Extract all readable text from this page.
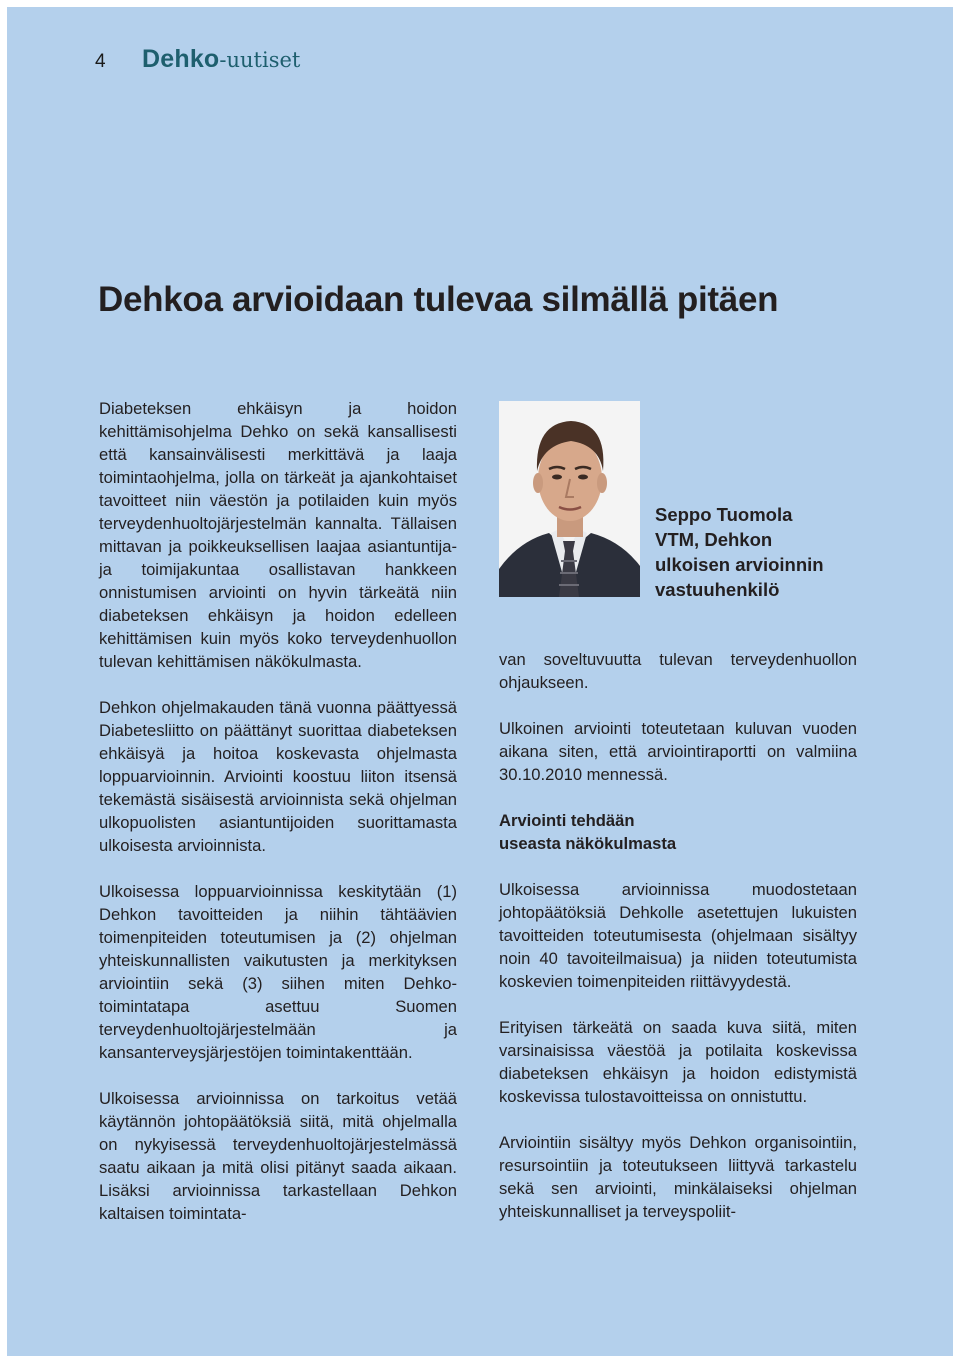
4 Dehko-uutiset
Dehkoa arvioidaan tulevaa silmällä pitäen

Diabeteksen ehkäisyn ja hoidon kehittämisohjelma Dehko on sekä kansallisesti että kansainvälisesti merkittävä ja laaja toimintaohjelma, jolla on tärkeät ja ajankohtaiset tavoitteet niin väestön ja potilaiden kuin myös terveydenhuoltojärjestelmän kannalta. Tällaisen mittavan ja poikkeuksellisen laajaa asiantuntija- ja toimijakuntaa osallistavan hankkeen onnistumisen arviointi on hyvin tärkeätä niin diabeteksen ehkäisyn ja hoidon edelleen kehittämisen kuin myös koko terveydenhuollon tulevan kehittämisen näkökulmasta.

Dehkon ohjelmakauden tänä vuonna päättyessä Diabetesliitto on päättänyt suorittaa diabeteksen ehkäisyä ja hoitoa koskevasta ohjelmasta loppuarvioinnin. Arviointi koostuu liiton itsensä tekemästä sisäisestä arvioinnista sekä ohjelman ulkopuolisten asiantuntijoiden suorittamasta ulkoisesta arvioinnista.

Ulkoisessa loppuarvioinnissa keskitytään (1) Dehkon tavoitteiden ja niihin tähtäävien toimenpiteiden toteutumisen ja (2) ohjelman yhteiskunnallisten vaikutusten ja merkityksen arviointiin sekä (3) siihen miten Dehko-toimintatapa asettuu Suomen terveydenhuoltojärjestelmään ja kansanterveysjärjestöjen toimintakenttään.

Ulkoisessa arvioinnissa on tarkoitus vetää käytännön johtopäätöksiä siitä, mitä ohjelmalla on nykyisessä terveydenhuoltojärjestelmässä saatu aikaan ja mitä olisi pitänyt saada aikaan. Lisäksi arvioinnissa tarkastellaan Dehkon kaltaisen toimintata-

Seppo Tuomola
VTM, Dehkon
ulkoisen arvioinnin
vastuuhenkilö

van soveltuvuutta tulevan terveydenhuollon ohjaukseen.

Ulkoinen arviointi toteutetaan kuluvan vuoden aikana siten, että arviointiraportti on valmiina 30.10.2010 mennessä.

Arviointi tehdään
useasta näkökulmasta

Ulkoisessa arvioinnissa muodostetaan johtopäätöksiä Dehkolle asetettujen lukuisten tavoitteiden toteutumisesta (ohjelmaan sisältyy noin 40 tavoiteilmaisua) ja niiden toteutumista koskevien toimenpiteiden riittävyydestä.

Erityisen tärkeätä on saada kuva siitä, miten varsinaisissa väestöä ja potilaita koskevissa diabeteksen ehkäisyn ja hoidon edistymistä koskevissa tulostavoitteissa on onnistuttu.

Arviointiin sisältyy myös Dehkon organisointiin, resursointiin ja toteutukseen liittyvä tarkastelu sekä sen arviointi, minkälaiseksi ohjelman yhteiskunnalliset ja terveyspoliit-
